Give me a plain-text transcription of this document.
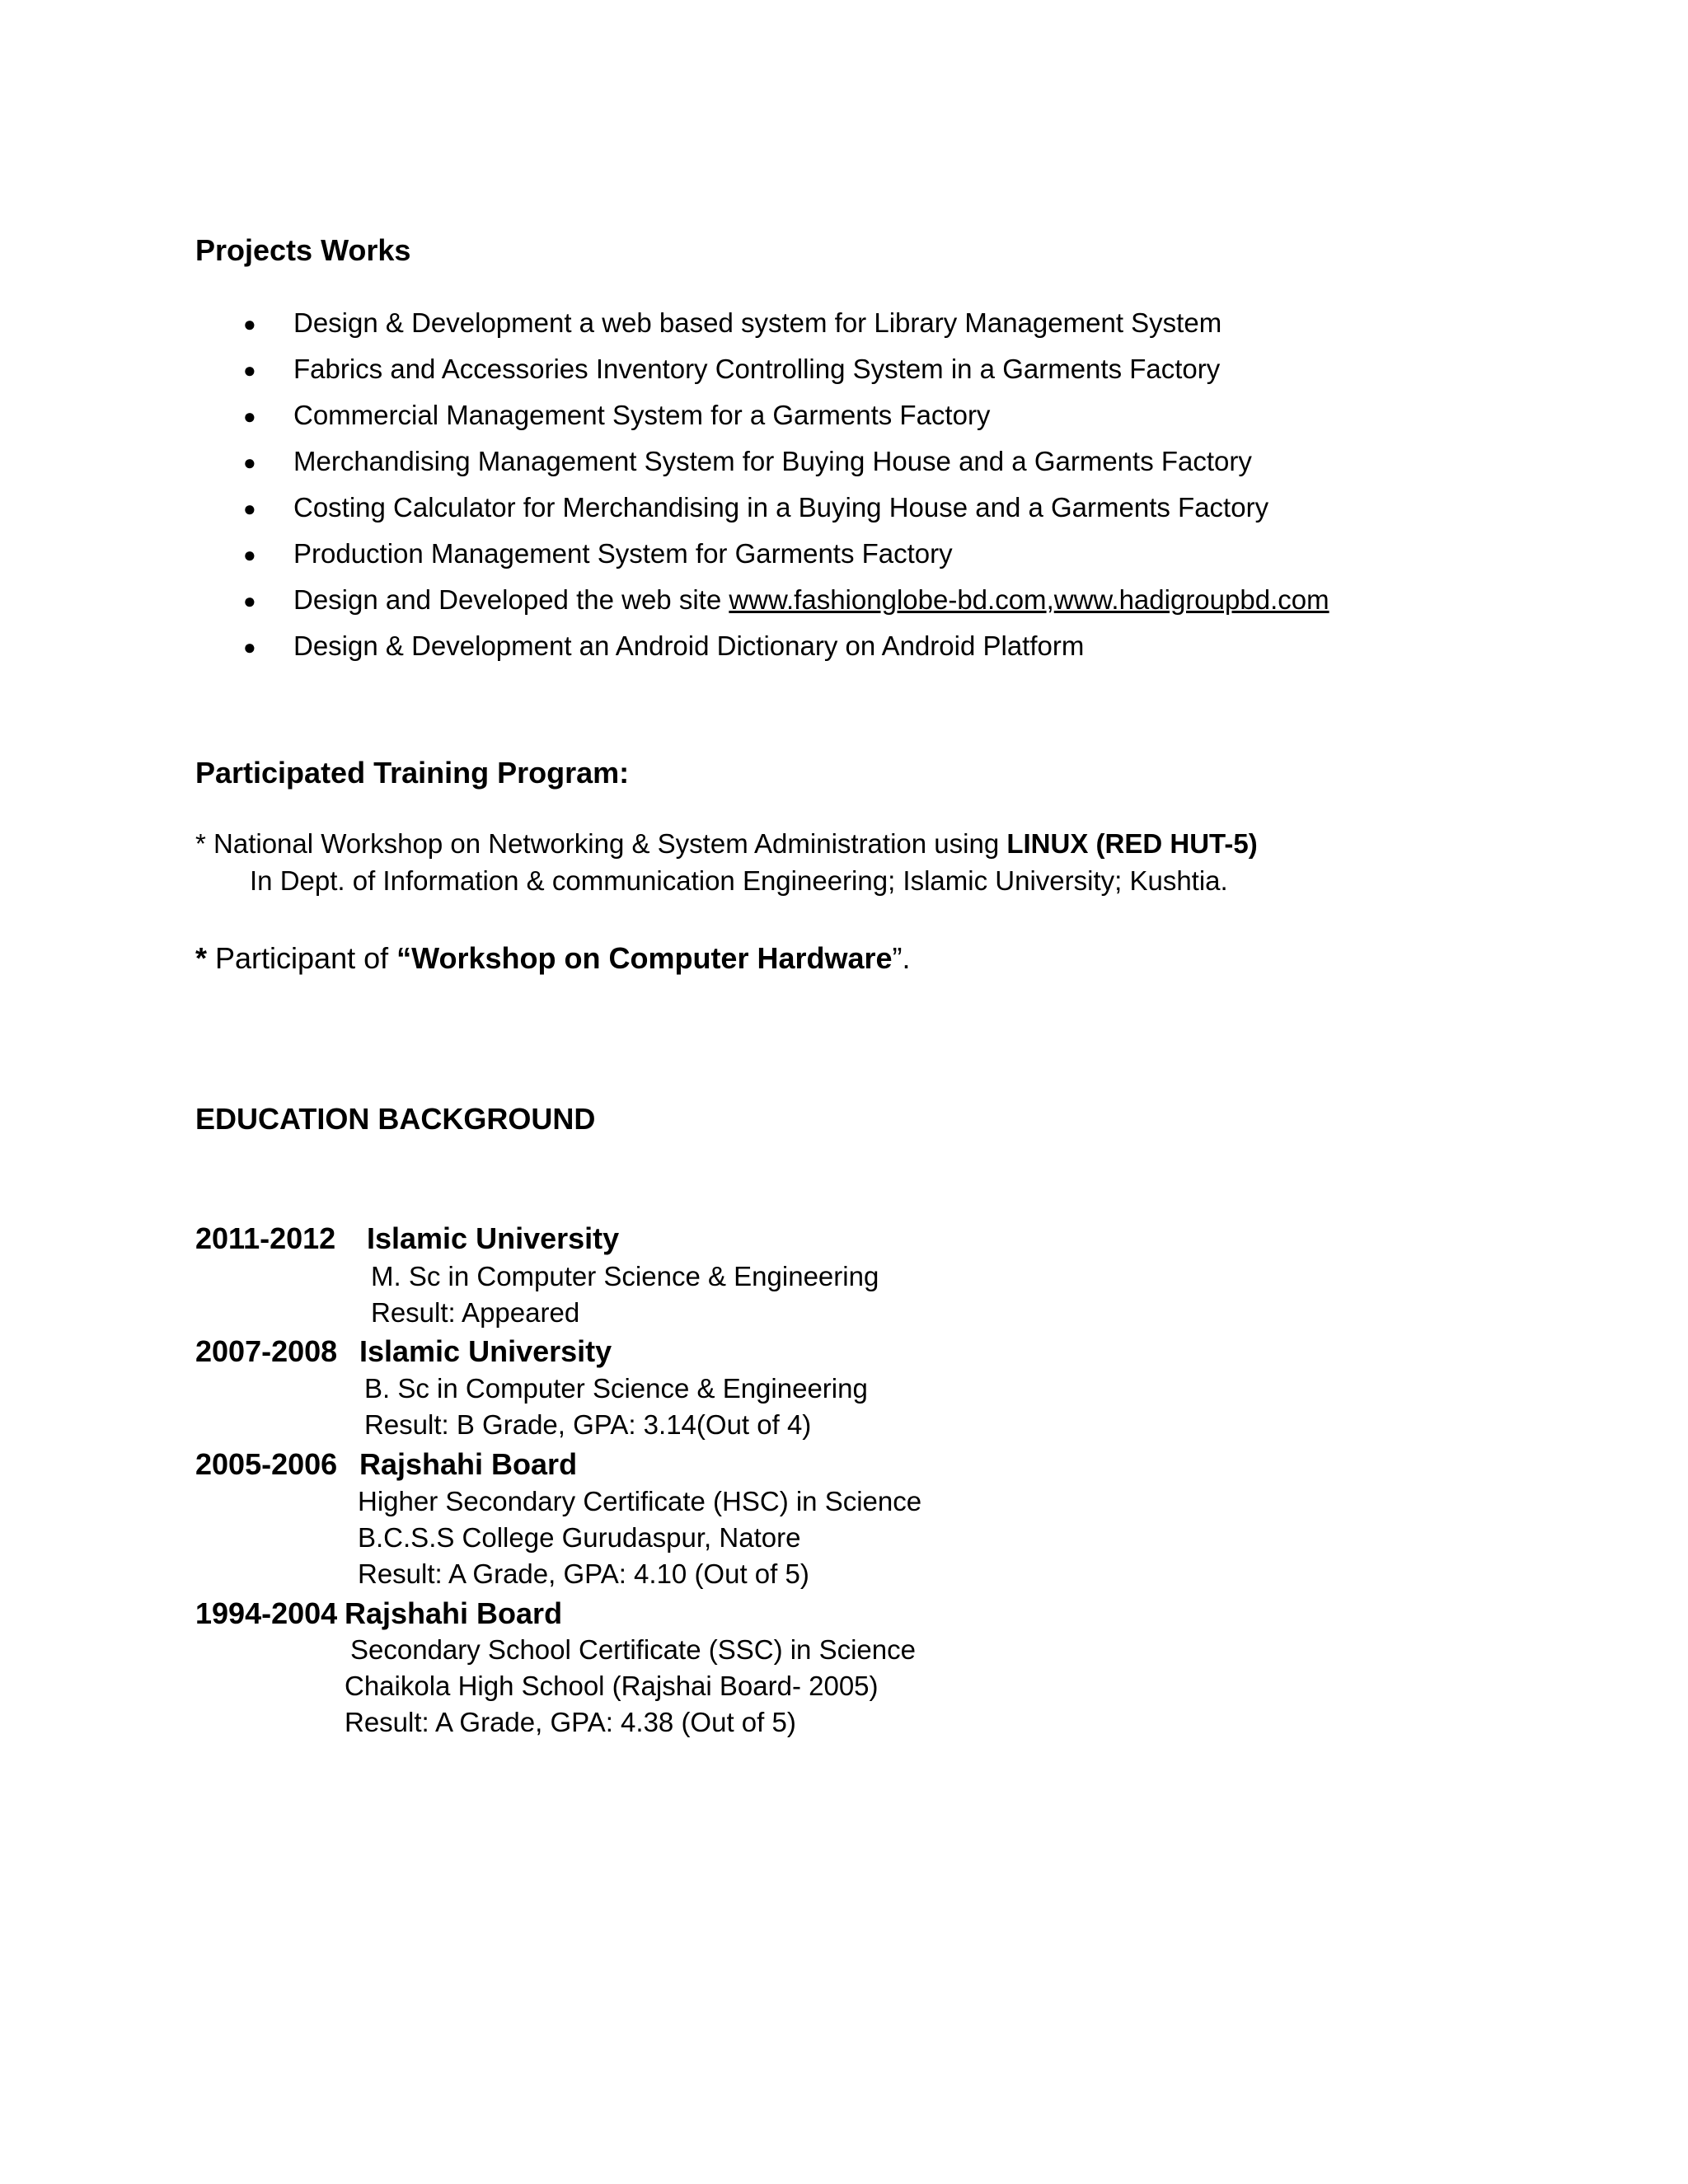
Projects Works
● Design & Development a web based system for Library Management System
● Fabrics and Accessories Inventory Controlling System in a Garments Factory
● Commercial Management System for a Garments Factory
● Merchandising Management System for Buying House and a Garments Factory
● Costing Calculator for Merchandising in a Buying House and a Garments Factory
● Production Management System for Garments Factory
● Design and Developed the web site www.fashionglobe-bd.com,www.hadigroupbd.com
● Design & Development an Android Dictionary on Android Platform
Participated Training Program:
* National Workshop on Networking & System Administration using LINUX (RED HUT-5)
In Dept. of Information & communication Engineering; Islamic University; Kushtia.
* Participant of “Workshop on Computer Hardware”.
EDUCATION BACKGROUND
2011-2012 Islamic University
M. Sc in Computer Science & Engineering
Result: Appeared
2007-2008 Islamic University
B. Sc in Computer Science & Engineering
Result: B Grade, GPA: 3.14(Out of 4)
2005-2006 Rajshahi Board
Higher Secondary Certificate (HSC) in Science
B.C.S.S College Gurudaspur, Natore
Result: A Grade, GPA: 4.10 (Out of 5)
1994-2004 Rajshahi Board
Secondary School Certificate (SSC) in Science
Chaikola High School (Rajshai Board- 2005)
Result: A Grade, GPA: 4.38 (Out of 5)
